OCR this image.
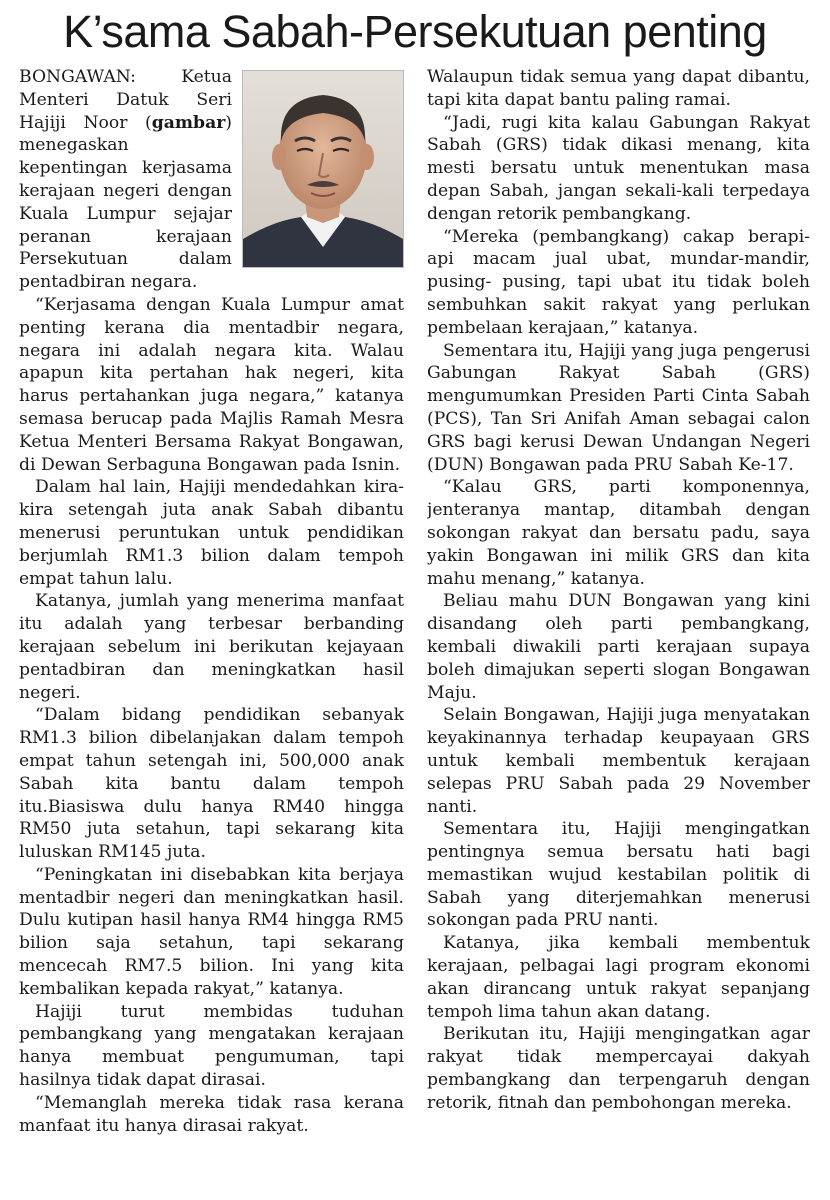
K’sama Sabah-Persekutuan penting

BONGAWAN: Ketua Menteri Datuk Seri Hajiji Noor (gambar) menegaskan kepentingan kerjasama kerajaan negeri dengan Kuala Lumpur sejajar peranan kerajaan Persekutuan dalam pentadbiran negara.

“Kerjasama dengan Kuala Lumpur amat penting kerana dia mentadbir negara, negara ini adalah negara kita. Walau apapun kita pertahan hak negeri, kita harus pertahankan juga negara,” katanya semasa berucap pada Majlis Ramah Mesra Ketua Menteri Bersama Rakyat Bongawan, di Dewan Serbaguna Bongawan pada Isnin.

Dalam hal lain, Hajiji mendedahkan kira-kira setengah juta anak Sabah dibantu menerusi peruntukan untuk pendidikan berjumlah RM1.3 bilion dalam tempoh empat tahun lalu.

Katanya, jumlah yang menerima manfaat itu adalah yang terbesar berbanding kerajaan sebelum ini berikutan kejayaan pentadbiran dan meningkatkan hasil negeri.

“Dalam bidang pendidikan sebanyak RM1.3 bilion dibelanjakan dalam tempoh empat tahun setengah ini, 500,000 anak Sabah kita bantu dalam tempoh itu.Biasiswa dulu hanya RM40 hingga RM50 juta setahun, tapi sekarang kita luluskan RM145 juta.

“Peningkatan ini disebabkan kita berjaya mentadbir negeri dan meningkatkan hasil. Dulu kutipan hasil hanya RM4 hingga RM5 bilion saja setahun, tapi sekarang mencecah RM7.5 bilion. Ini yang kita kembalikan kepada rakyat,” katanya.

Hajiji turut membidas tuduhan pembangkang yang mengatakan kerajaan hanya membuat pengumuman, tapi hasilnya tidak dapat dirasai.

“Memanglah mereka tidak rasa kerana manfaat itu hanya dirasai rakyat.

Walaupun tidak semua yang dapat dibantu, tapi kita dapat bantu paling ramai.

“Jadi, rugi kita kalau Gabungan Rakyat Sabah (GRS) tidak dikasi menang, kita mesti bersatu untuk menentukan masa depan Sabah, jangan sekali-kali terpedaya dengan retorik pembangkang.

“Mereka (pembangkang) cakap berapi-api macam jual ubat, mundar-mandir, pusing- pusing, tapi ubat itu tidak boleh sembuhkan sakit rakyat yang perlukan pembelaan kerajaan,” katanya.

Sementara itu, Hajiji yang juga pengerusi Gabungan Rakyat Sabah (GRS) mengumumkan Presiden Parti Cinta Sabah (PCS), Tan Sri Anifah Aman sebagai calon GRS bagi kerusi Dewan Undangan Negeri (DUN) Bongawan pada PRU Sabah Ke-17.

“Kalau GRS, parti komponennya, jenteranya mantap, ditambah dengan sokongan rakyat dan bersatu padu, saya yakin Bongawan ini milik GRS dan kita mahu menang,” katanya.

Beliau mahu DUN Bongawan yang kini disandang oleh parti pembangkang, kembali diwakili parti kerajaan supaya boleh dimajukan seperti slogan Bongawan Maju.

Selain Bongawan, Hajiji juga menyatakan keyakinannya terhadap keupayaan GRS untuk kembali membentuk kerajaan selepas PRU Sabah pada 29 November nanti.

Sementara itu, Hajiji mengingatkan pentingnya semua bersatu hati bagi memastikan wujud kestabilan politik di Sabah yang diterjemahkan menerusi sokongan pada PRU nanti.

Katanya, jika kembali membentuk kerajaan, pelbagai lagi program ekonomi akan dirancang untuk rakyat sepanjang tempoh lima tahun akan datang.

Berikutan itu, Hajiji mengingatkan agar rakyat tidak mempercayai dakyah pembangkang dan terpengaruh dengan retorik, fitnah dan pembohongan mereka.
